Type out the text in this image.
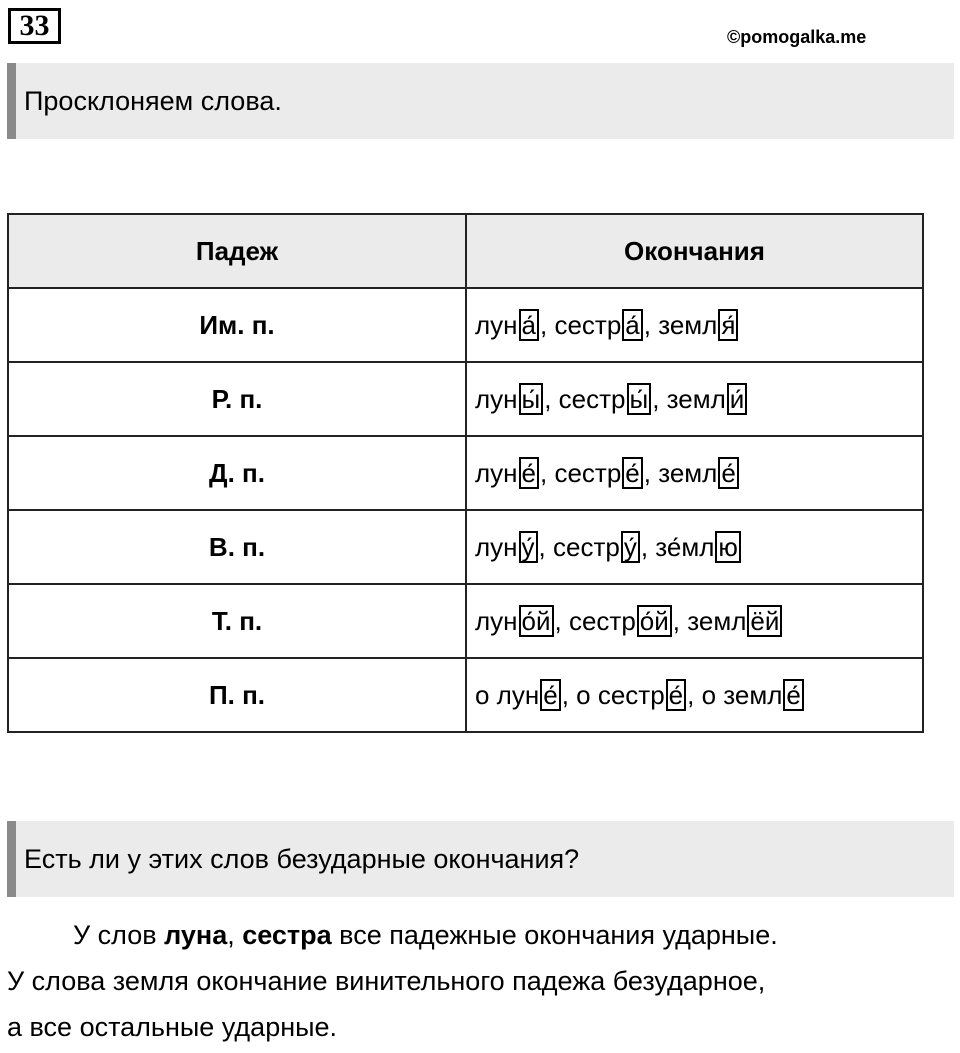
33	©pomogalka.me
Просклоняем слова.
Падеж	Окончания
Им. п.	лун а́ , сестр а́ , земл я́
Р. п.	лун ы́ , сестр ы́ , земл и́
Д. п.	лун е́ , сестр е́ , земл е́
В. п.	лун у́ , сестр у́ , зе́мл ю
Т. п.	лун о́й , сестр о́й , земл ёй
П. п.	о лун е́ , о сестр е́ , о земл е́
Есть ли у этих слов безударные окончания?

У слов луна, сестра все падежные окончания ударные.

У слова земля окончание винительного падежа безударное,

а все остальные ударные.
